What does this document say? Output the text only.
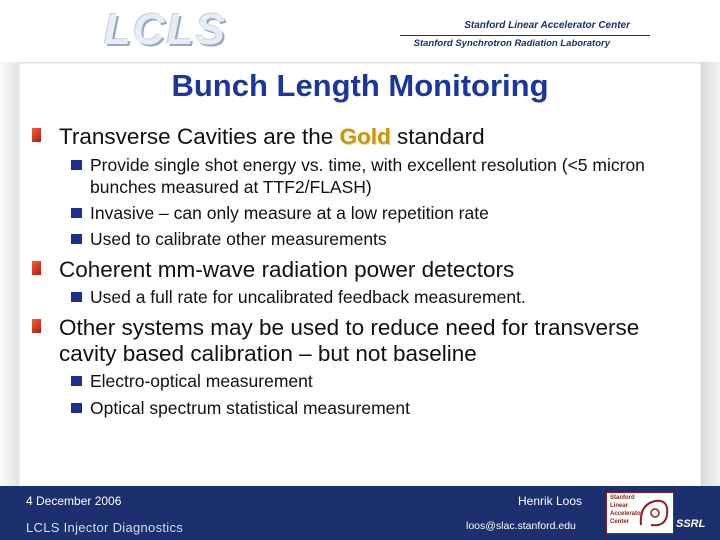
LCLS	Stanford Linear Accelerator Center
Stanford Synchrotron Radiation Laboratory
Bunch Length Monitoring
Transverse Cavities are the Gold standard
Provide single shot energy vs. time, with excellent resolution (<5 micron bunches measured at TTF2/FLASH)
Invasive – can only measure at a low repetition rate
Used to calibrate other measurements
Coherent mm-wave radiation power detectors
Used a full rate for uncalibrated feedback measurement.
Other systems may be used to reduce need for transverse cavity based calibration – but not baseline
Electro-optical measurement
Optical spectrum statistical measurement
4 December 2006	Henrik Loos
LCLS Injector Diagnostics	loos@slac.stanford.edu
Stanford
Linear
Accelerator
Center	SSRL
